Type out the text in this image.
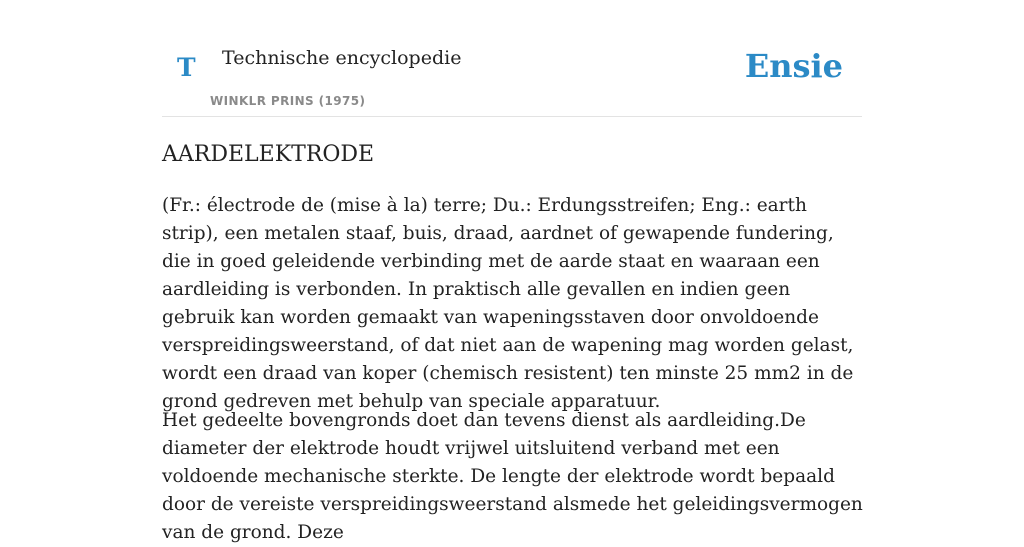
T Technische encyclopedie
WINKLR PRINS (1975)
Ensie
AARDELEKTRODE

(Fr.: électrode de (mise à la) terre; Du.: Erdungsstreifen; Eng.: earth strip), een metalen staaf, buis, draad, aardnet of gewapende fundering, die in goed geleidende verbinding met de aarde staat en waaraan een aardleiding is verbonden. In praktisch alle gevallen en indien geen gebruik kan worden gemaakt van wapeningsstaven door onvoldoende verspreidingsweerstand, of dat niet aan de wapening mag worden gelast, wordt een draad van koper (chemisch resistent) ten minste 25 mm2 in de grond gedreven met behulp van speciale apparatuur.

Het gedeelte bovengronds doet dan tevens dienst als aardleiding.De diameter der elektrode houdt vrijwel uitsluitend verband met een voldoende mechanische sterkte. De lengte der elektrode wordt bepaald door de vereiste verspreidingsweerstand alsmede het geleidingsvermogen van de grond. Deze
